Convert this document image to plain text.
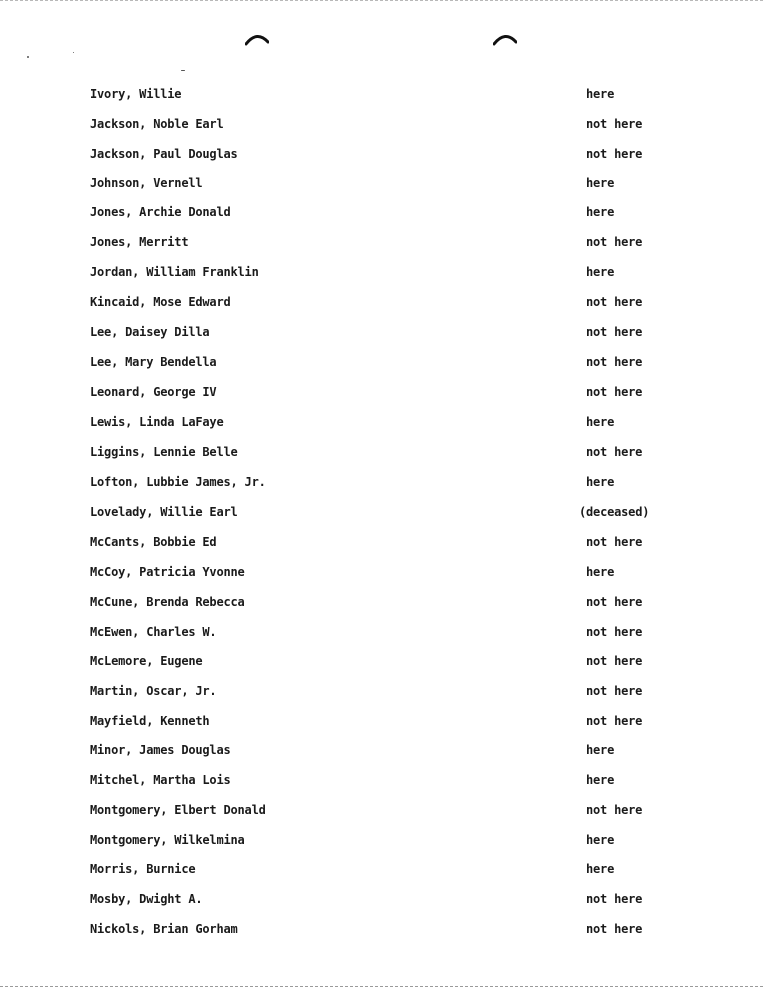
Ivory, Willie	here
Jackson, Noble Earl	not here
Jackson, Paul Douglas	not here
Johnson, Vernell	here
Jones, Archie Donald	here
Jones, Merritt	not here
Jordan, William Franklin	here
Kincaid, Mose Edward	not here
Lee, Daisey Dilla	not here
Lee, Mary Bendella	not here
Leonard, George IV	not here
Lewis, Linda LaFaye	here
Liggins, Lennie Belle	not here
Lofton, Lubbie James, Jr.	here
Lovelady, Willie Earl	(deceased)
McCants, Bobbie Ed	not here
McCoy, Patricia Yvonne	here
McCune, Brenda Rebecca	not here
McEwen, Charles W.	not here
McLemore, Eugene	not here
Martin, Oscar, Jr.	not here
Mayfield, Kenneth	not here
Minor, James Douglas	here
Mitchel, Martha Lois	here
Montgomery, Elbert Donald	not here
Montgomery, Wilkelmina	here
Morris, Burnice	here
Mosby, Dwight A.	not here
Nickols, Brian Gorham	not here
